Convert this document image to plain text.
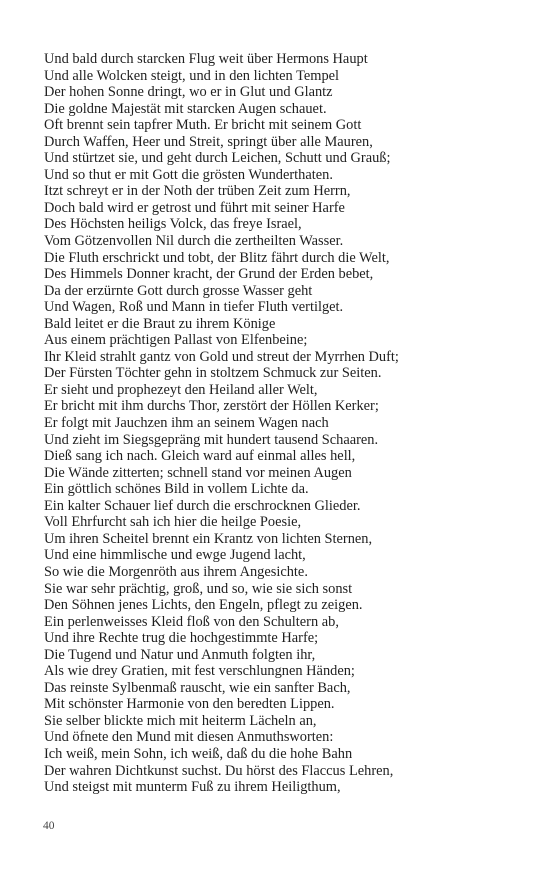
Und bald durch starcken Flug weit über Hermons Haupt
Und alle Wolcken steigt, und in den lichten Tempel
Der hohen Sonne dringt, wo er in Glut und Glantz
Die goldne Majestät mit starcken Augen schauet.
Oft brennt sein tapfrer Muth. Er bricht mit seinem Gott
Durch Waffen, Heer und Streit, springt über alle Mauren,
Und stürtzet sie, und geht durch Leichen, Schutt und Grauß;
Und so thut er mit Gott die grösten Wunderthaten.
Itzt schreyt er in der Noth der trüben Zeit zum Herrn,
Doch bald wird er getrost und führt mit seiner Harfe
Des Höchsten heiligs Volck, das freye Israel,
Vom Götzenvollen Nil durch die zertheilten Wasser.
Die Fluth erschrickt und tobt, der Blitz fährt durch die Welt,
Des Himmels Donner kracht, der Grund der Erden bebet,
Da der erzürnte Gott durch grosse Wasser geht
Und Wagen, Roß und Mann in tiefer Fluth vertilget.
Bald leitet er die Braut zu ihrem Könige
Aus einem prächtigen Pallast von Elfenbeine;
Ihr Kleid strahlt gantz von Gold und streut der Myrrhen Duft;
Der Fürsten Töchter gehn in stoltzem Schmuck zur Seiten.
Er sieht und prophezeyt den Heiland aller Welt,
Er bricht mit ihm durchs Thor, zerstört der Höllen Kerker;
Er folgt mit Jauchzen ihm an seinem Wagen nach
Und zieht im Siegsgepräng mit hundert tausend Schaaren.
Dieß sang ich nach. Gleich ward auf einmal alles hell,
Die Wände zitterten; schnell stand vor meinen Augen
Ein göttlich schönes Bild in vollem Lichte da.
Ein kalter Schauer lief durch die erschrocknen Glieder.
Voll Ehrfurcht sah ich hier die heilge Poesie,
Um ihren Scheitel brennt ein Krantz von lichten Sternen,
Und eine himmlische und ewge Jugend lacht,
So wie die Morgenröth aus ihrem Angesichte.
Sie war sehr prächtig, groß, und so, wie sie sich sonst
Den Söhnen jenes Lichts, den Engeln, pflegt zu zeigen.
Ein perlenweisses Kleid floß von den Schultern ab,
Und ihre Rechte trug die hochgestimmte Harfe;
Die Tugend und Natur und Anmuth folgten ihr,
Als wie drey Gratien, mit fest verschlungnen Händen;
Das reinste Sylbenmaß rauscht, wie ein sanfter Bach,
Mit schönster Harmonie von den beredten Lippen.
Sie selber blickte mich mit heiterm Lächeln an,
Und öfnete den Mund mit diesen Anmuthsworten:
Ich weiß, mein Sohn, ich weiß, daß du die hohe Bahn
Der wahren Dichtkunst suchst. Du hörst des Flaccus Lehren,
Und steigst mit munterm Fuß zu ihrem Heiligthum,
40
